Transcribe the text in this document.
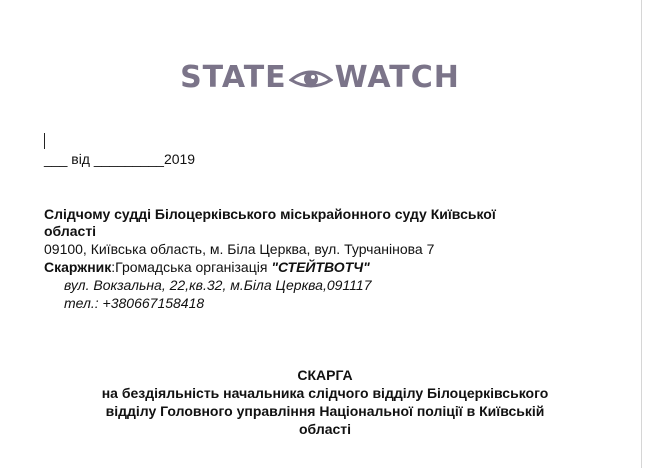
STATE WATCH
___ від _________2019
Слідчому судді Білоцерківського міськрайонного суду Київської
області
09100, Київська область, м. Біла Церква, вул. Турчанінова 7
Скаржник:Громадська організація "СТЕЙТВОТЧ"
вул. Вокзальна, 22,кв.32, м.Біла Церква,091117
тел.: +380667158418
СКАРГА
на бездіяльність начальника слідчого відділу Білоцерківського
відділу Головного управління Національної поліції в Київській
області
